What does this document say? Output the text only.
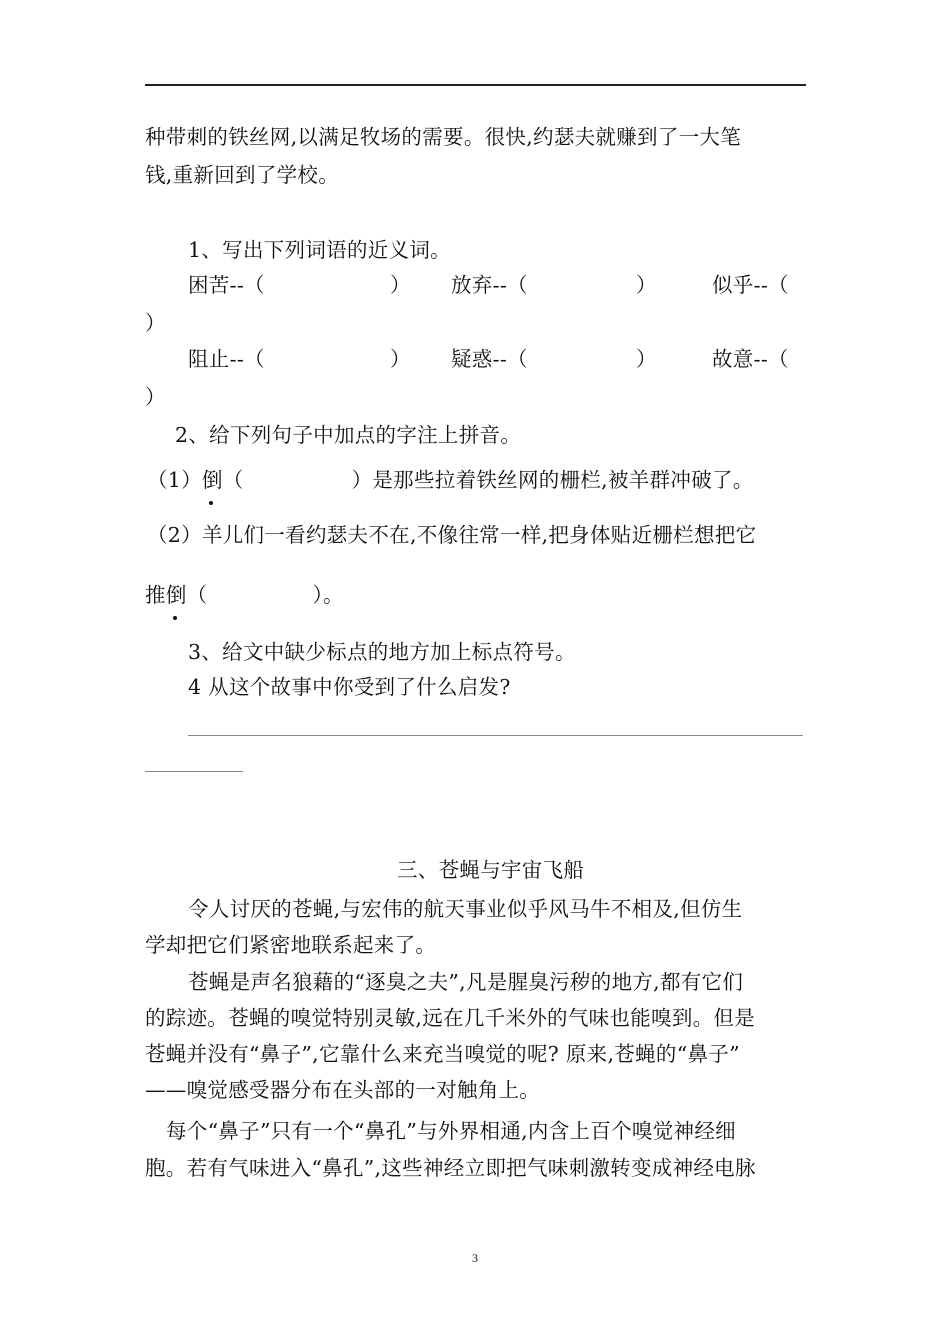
种带刺的铁丝网,以满足牧场的需要。很快,约瑟夫就赚到了一大笔
钱,重新回到了学校。
1、写出下列词语的近义词。
困苦--（	） 放弃--（	）	似乎--（
）
阻止--（	） 疑惑--（	）	故意--（
）
2、给下列句子中加点的字注上拼音。
（1）倒（	）是那些拉着铁丝网的栅栏,被羊群冲破了。
（2）羊儿们一看约瑟夫不在,不像往常一样,把身体贴近栅栏想把它
推倒（	）。
3、给文中缺少标点的地方加上标点符号。
4 从这个故事中你受到了什么启发?
三、苍蝇与宇宙飞船
令人讨厌的苍蝇,与宏伟的航天事业似乎风马牛不相及,但仿生
学却把它们紧密地联系起来了。
苍蝇是声名狼藉的“逐臭之夫”,凡是腥臭污秽的地方,都有它们
的踪迹。苍蝇的嗅觉特别灵敏,远在几千米外的气味也能嗅到。但是
苍蝇并没有“鼻子”,它靠什么来充当嗅觉的呢? 原来,苍蝇的“鼻子”
——嗅觉感受器分布在头部的一对触角上。
每个“鼻子”只有一个“鼻孔”与外界相通,内含上百个嗅觉神经细
胞。若有气味进入“鼻孔”,这些神经立即把气味刺激转变成神经电脉
3
